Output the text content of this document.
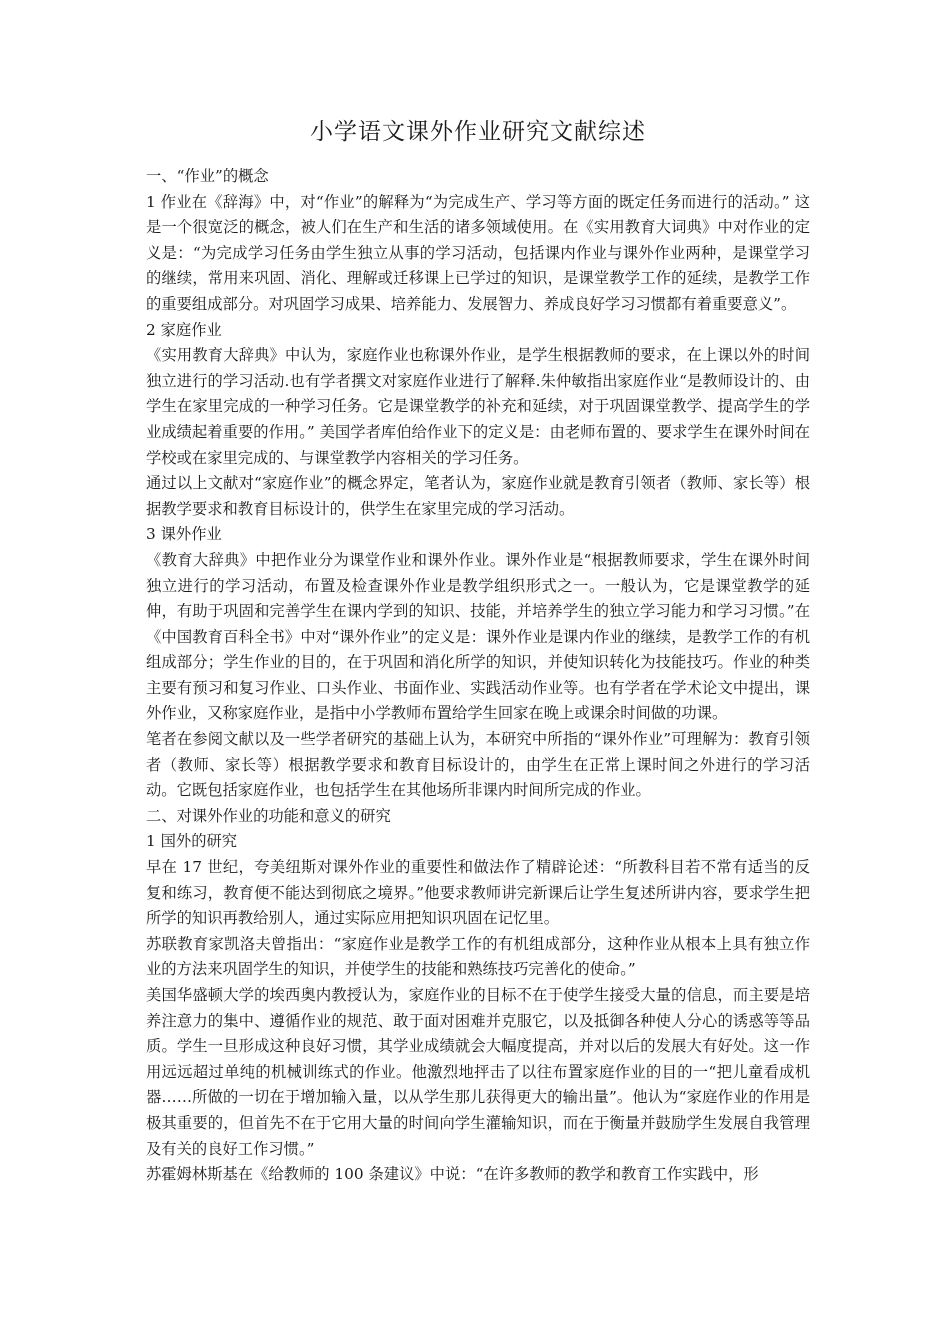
小学语文课外作业研究文献综述

一、“作业”的概念

1 作业在《辞海》中，对“作业”的解释为“为完成生产、学习等方面的既定任务而进行的活动。” 这是一个很宽泛的概念，被人们在生产和生活的诸多领域使用。在《实用教育大词典》中对作业的定义是：“为完成学习任务由学生独立从事的学习活动，包括课内作业与课外作业两种，是课堂学习的继续，常用来巩固、消化、理解或迁移课上已学过的知识，是课堂教学工作的延续，是教学工作的重要组成部分。对巩固学习成果、培养能力、发展智力、养成良好学习习惯都有着重要意义”。

2 家庭作业

《实用教育大辞典》中认为，家庭作业也称课外作业，是学生根据教师的要求，在上课以外的时间独立进行的学习活动.也有学者撰文对家庭作业进行了解释.朱仲敏指出家庭作业“是教师设计的、由学生在家里完成的一种学习任务。它是课堂教学的补充和延续，对于巩固课堂教学、提高学生的学业成绩起着重要的作用。” 美国学者库伯给作业下的定义是：由老师布置的、要求学生在课外时间在学校或在家里完成的、与课堂教学内容相关的学习任务。

通过以上文献对“家庭作业”的概念界定，笔者认为，家庭作业就是教育引领者（教师、家长等）根据教学要求和教育目标设计的，供学生在家里完成的学习活动。

3 课外作业

《教育大辞典》中把作业分为课堂作业和课外作业。课外作业是“根据教师要求，学生在课外时间独立进行的学习活动，布置及检查课外作业是教学组织形式之一。一般认为，它是课堂教学的延伸，有助于巩固和完善学生在课内学到的知识、技能，并培养学生的独立学习能力和学习习惯。”在《中国教育百科全书》中对“课外作业”的定义是：课外作业是课内作业的继续，是教学工作的有机组成部分；学生作业的目的，在于巩固和消化所学的知识，并使知识转化为技能技巧。作业的种类主要有预习和复习作业、口头作业、书面作业、实践活动作业等。也有学者在学术论文中提出，课外作业，又称家庭作业，是指中小学教师布置给学生回家在晚上或课余时间做的功课。

笔者在参阅文献以及一些学者研究的基础上认为，本研究中所指的“课外作业”可理解为：教育引领者（教师、家长等）根据教学要求和教育目标设计的，由学生在正常上课时间之外进行的学习活动。它既包括家庭作业，也包括学生在其他场所非课内时间所完成的作业。

二、对课外作业的功能和意义的研究

1 国外的研究

早在 17 世纪，夸美纽斯对课外作业的重要性和做法作了精辟论述：“所教科目若不常有适当的反复和练习，教育便不能达到彻底之境界。”他要求教师讲完新课后让学生复述所讲内容，要求学生把所学的知识再教给别人，通过实际应用把知识巩固在记忆里。

苏联教育家凯洛夫曾指出：“家庭作业是教学工作的有机组成部分，这种作业从根本上具有独立作业的方法来巩固学生的知识，并使学生的技能和熟练技巧完善化的使命。”

美国华盛顿大学的埃西奥内教授认为，家庭作业的目标不在于使学生接受大量的信息，而主要是培养注意力的集中、遵循作业的规范、敢于面对困难并克服它，以及抵御各种使人分心的诱惑等等品质。学生一旦形成这种良好习惯，其学业成绩就会大幅度提高，并对以后的发展大有好处。这一作用远远超过单纯的机械训练式的作业。他激烈地抨击了以往布置家庭作业的目的一“把儿童看成机器……所做的一切在于增加输入量，以从学生那儿获得更大的输出量”。他认为“家庭作业的作用是极其重要的，但首先不在于它用大量的时间向学生灌输知识，而在于衡量并鼓励学生发展自我管理及有关的良好工作习惯。”

苏霍姆林斯基在《给教师的 100 条建议》中说：“在许多教师的教学和教育工作实践中，形
